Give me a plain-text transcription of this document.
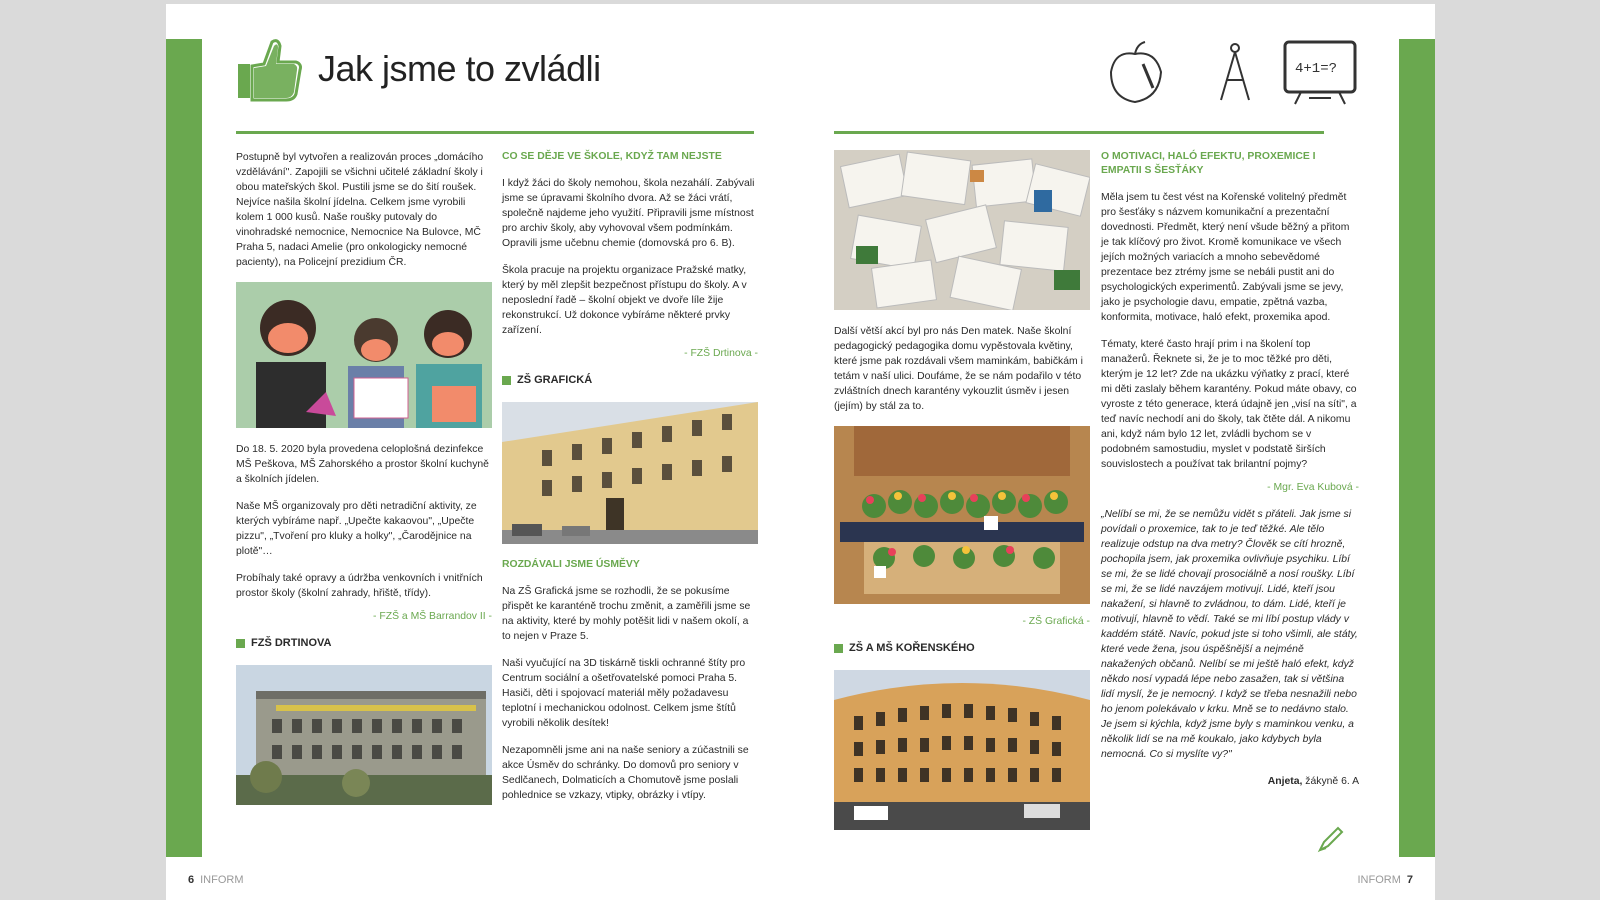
Jak jsme to zvládli	4+1=?

Postupně byl vytvořen a realizován proces „domácího vzdělávání". Zapojili se všichni učitelé základní školy i obou mateřských škol. Pustili jsme se do šití roušek. Nejvíce našila školní jídelna. Celkem jsme vyrobili kolem 1 000 kusů. Naše roušky putovaly do vinohradské nemocnice, Nemocnice Na Bulovce, MČ Praha 5, nadaci Amelie (pro onkologicky nemocné pacienty), na Policejní prezidium ČR.

Do 18. 5. 2020 byla provedena celoplošná dezinfekce MŠ Peškova, MŠ Zahorského a prostor školní kuchyně a školních jídelen.

Naše MŠ organizovaly pro děti netradiční aktivity, ze kterých vybíráme např. „Upečte kakaovou", „Upečte pizzu", „Tvoření pro kluky a holky", „Čarodějnice na plotě"…

Probíhaly také opravy a údržba venkovních i vnitřních prostor školy (školní zahrady, hřiště, třídy).

- FZŠ a MŠ Barrandov II -

FZŠ DRTINOVA
CO SE DĚJE VE ŠKOLE, KDYŽ TAM NEJSTE

I když žáci do školy nemohou, škola nezahálí. Zabývali jsme se úpravami školního dvora. Až se žáci vrátí, společně najdeme jeho využití. Připravili jsme místnost pro archiv školy, aby vyhovoval všem podmínkám. Opravili jsme učebnu chemie (domovská pro 6. B).

Škola pracuje na projektu organizace Pražské matky, který by měl zlepšit bezpečnost přístupu do školy. A v neposlední řadě – školní objekt ve dvoře líle žije rekonstrukcí. Už dokonce vybíráme některé prvky zařízení.

- FZŠ Drtinova -

ZŠ GRAFICKÁ
ROZDÁVALI JSME ÚSMĚVY

Na ZŠ Grafická jsme se rozhodli, že se pokusíme přispět ke karanténě trochu změnit, a zaměřili jsme se na aktivity, které by mohly potěšit lidi v našem okolí, a to nejen v Praze 5.

Naši vyučující na 3D tiskárně tiskli ochranné štíty pro Centrum sociální a ošetřovatelské pomoci Praha 5. Hasiči, děti i spojovací materiál měly požadavesu teplotní i mechanickou odolnost. Celkem jsme štítů vyrobili několik desítek!

Nezapomněli jsme ani na naše seniory a zúčastnili se akce Úsměv do schránky. Do domovů pro seniory v Sedlčanech, Dolmaticích a Chomutově jsme poslali pohlednice se vzkazy, vtipky, obrázky i vtípy.

Další větší akcí byl pro nás Den matek. Naše školní pedagogický pedagogika domu vypěstovala květiny, které jsme pak rozdávali všem maminkám, babičkám i tetám v naší ulici. Doufáme, že se nám podařilo v této zvláštních dnech karantény vykouzlit úsměv i jesen (jejím) by stál za to.

- ZŠ Grafická -

ZŠ A MŠ KOŘENSKÉHO
O MOTIVACI, HALÓ EFEKTU, PROXEMICE I EMPATII S ŠESŤÁKY

Měla jsem tu čest vést na Kořenské volitelný předmět pro šesťáky s názvem komunikační a prezentační dovednosti. Předmět, který není všude běžný a přitom je tak klíčový pro život. Kromě komunikace ve všech jejích možných variacích a mnoho sebevědomé prezentace bez ztrémy jsme se nebáli pustit ani do psychologických experimentů. Zabývali jsme se jevy, jako je psychologie davu, empatie, zpětná vazba, konformita, motivace, haló efekt, proxemika apod.

Tématy, které často hrají prim i na školení top manažerů. Řeknete si, že je to moc těžké pro děti, kterým je 12 let? Zde na ukázku výňatky z prací, které mi děti zaslaly během karantény. Pokud máte obavy, co vyroste z této generace, která údajně jen „visí na síti", a teď navíc nechodí ani do školy, tak čtěte dál. A nikomu ani, když nám bylo 12 let, zvládli bychom se v podobném samostudiu, myslet v podstatě širších souvislostech a používat tak brilantní pojmy?

- Mgr. Eva Kubová -

„Nelíbí se mi, že se nemůžu vidět s přáteli. Jak jsme si povídali o proxemice, tak to je teď těžké. Ale tělo realizuje odstup na dva metry? Člověk se cítí hrozně, pochopila jsem, jak proxemika ovlivňuje psychiku. Líbí se mi, že se lidé chovají prosociálně a nosí roušky. Líbí se mi, že se lidé navzájem motivují. Lidé, kteří jsou nakažení, si hlavně to zvládnou, to dám. Lidé, kteří je motivují, hlavně to vědí. Také se mi líbí postup vlády v kaddém státě. Navíc, pokud jste si toho všimli, ale státy, které vede žena, jsou úspěšnější a nejméně nakažených občanů. Nelíbí se mi ještě haló efekt, když někdo nosí vypadá lépe nebo zasažen, tak si většina lidí myslí, že je nemocný. I když se třeba nesnažili nebo ho jenom polekávalo v krku. Mně se to nedávno stalo. Je jsem si kýchla, když jsme byly s maminkou venku, a několik lidí se na mě koukalo, jako kdybych byla nemocná. Co si myslíte vy?"

Anjeta, žákyně 6. A

6 INFORM	INFORM 7
